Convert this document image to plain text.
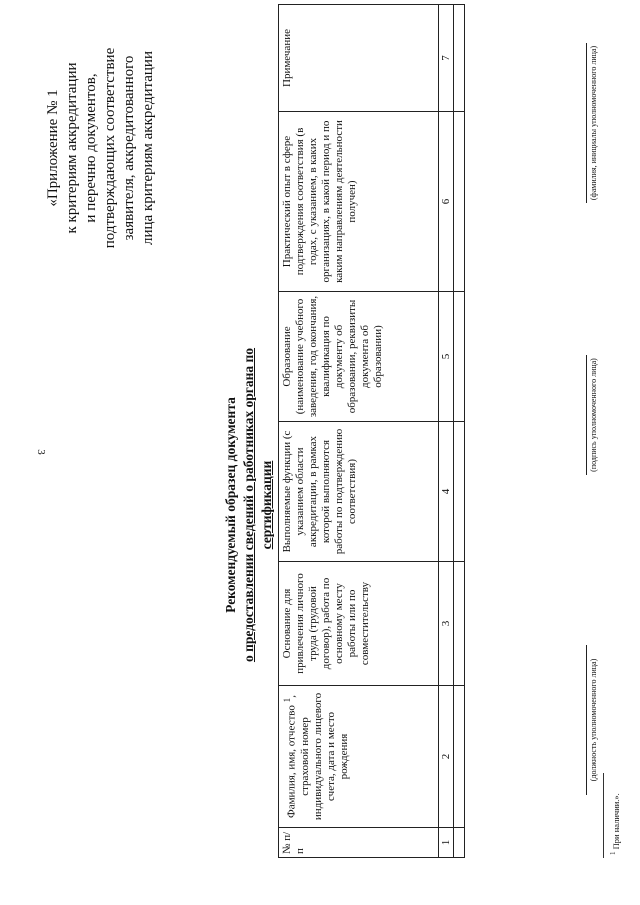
3
«Приложение № 1 к критериям аккредитации и перечню документов, подтверждающих соответствие заявителя, аккредитованного лица критериям аккредитации
Рекомендуемый образец документа о предоставлении сведений о работниках органа по сертификации
№ п/п	Фамилия, имя, отчество $^1$, страховой номер индивидуального лицевого счета, дата и место рождения	Основание для привлечения личного труда (трудовой договор), работа по основному месту работы или по совместительству	Выполняемые функции (с указанием области аккредитации, в рамках которой выполняются работы по подтверждению соответствия)	Образование (наименование учебного заведения, год окончания, квалификация по документу об образовании, реквизиты документа об образовании)	Практический опыт в сфере подтверждения соответствия (в годах, с указанием, в каких организациях, в какой период и по каким направлениям деятельности получен)	Примечание
1	2	3	4	5	6	7

(должность уполномоченного лица)
(подпись уполномоченного лица)
(фамилия, инициалы уполномоченного лица)
$^1$ При наличии.».
